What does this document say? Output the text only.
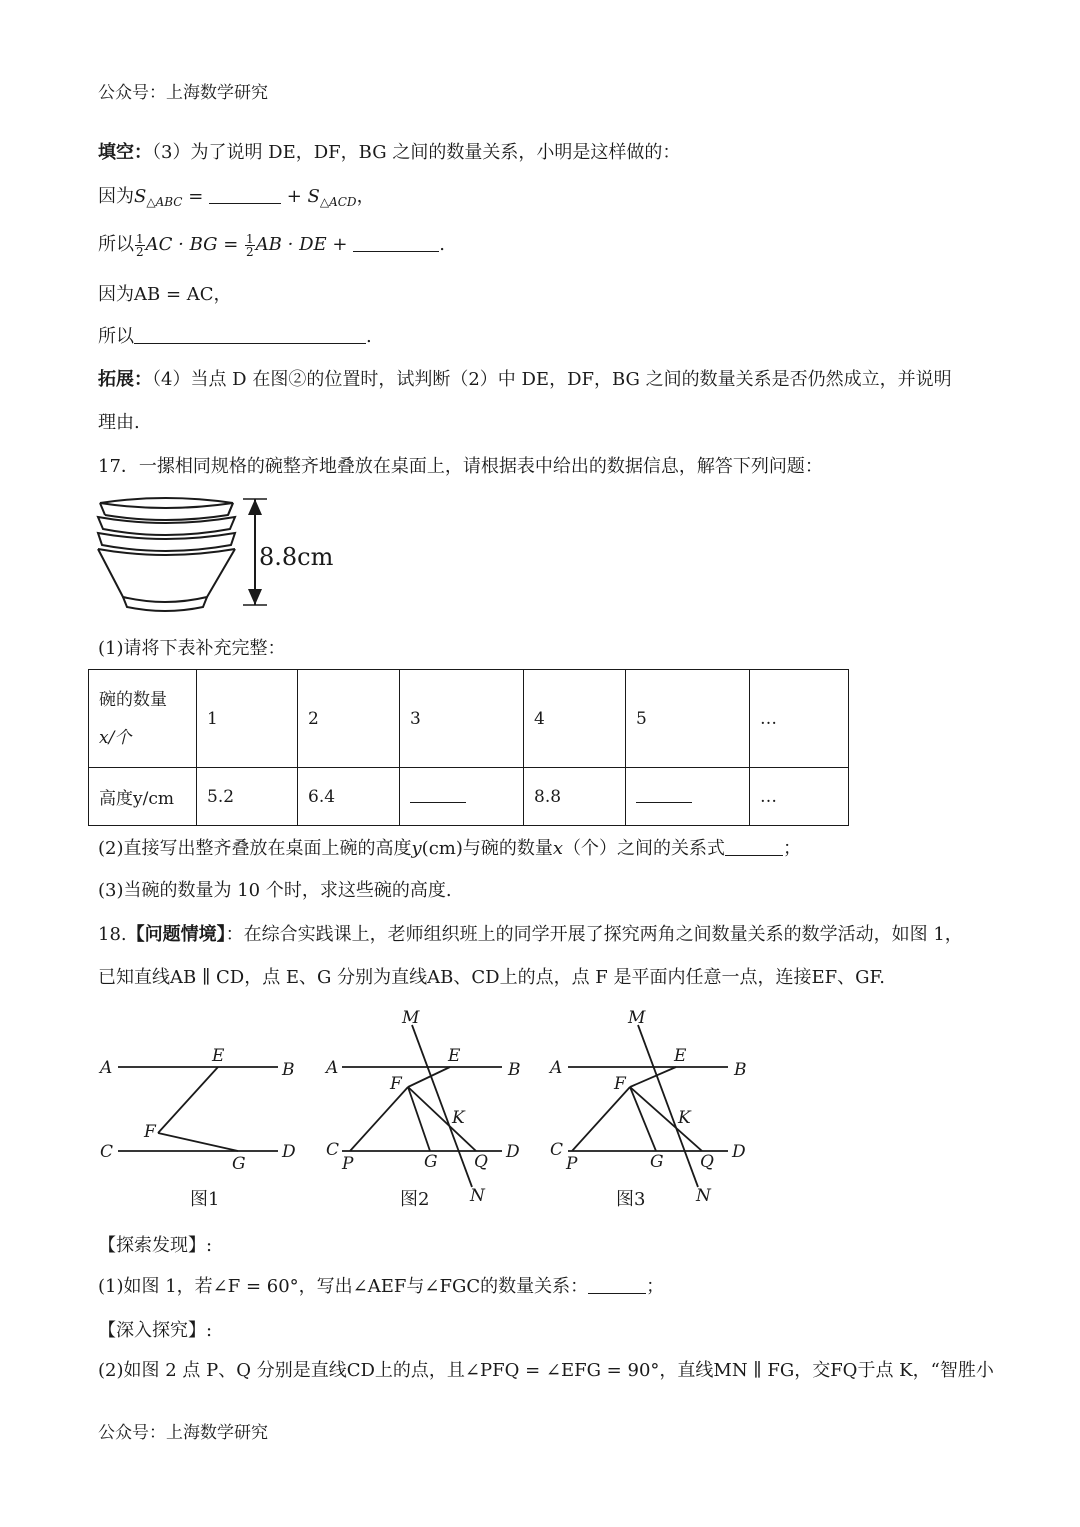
公众号：上海数学研究
填空：（3）为了说明 DE，DF，BG 之间的数量关系，小明是这样做的：
因为$S_{\triangle ABC}$ =	+ $S_{\triangle ACD}$，
所以 $\frac{1}{2}$ AC · BG = $\frac{1}{2}$ AB · DE +	.
因为AB = AC，
所以	.
拓展：（4）当点 D 在图②的位置时，试判断（2）中 DE，DF，BG 之间的数量关系是否仍然成立，并说明
理由.
17．一摞相同规格的碗整齐地叠放在桌面上，请根据表中给出的数据信息，解答下列问题：
8.8cm
(1)请将下表补充完整：
碗的数量
x/个	1	2	3	4	5	…
高度y/cm	5.2	6.4		8.8		…
(2)直接写出整齐叠放在桌面上碗的高度y(cm)与碗的数量x（个）之间的关系式	；
(3)当碗的数量为 10 个时，求这些碗的高度.
18.【问题情境】：在综合实践课上，老师组织班上的同学开展了探究两角之间数量关系的数学活动，如图 1，
已知直线AB ∥ CD，点 E、G 分别为直线AB、CD上的点，点 F 是平面内任意一点，连接EF、GF.
A	B
E
F
C
G
D
A	B
M
E
F
K
C
P	G Q D
N
A	B
M
E
F
K
C
P	G Q D
N
图1	图2	图3
【探索发现】:
(1)如图 1，若∠F = 60°，写出∠AEF与∠FGC的数量关系：	；
【深入探究】:
(2)如图 2 点 P、Q 分别是直线CD上的点，且∠PFQ = ∠EFG = 90°，直线MN ∥ FG，交FQ于点 K，“智胜小
公众号：上海数学研究
